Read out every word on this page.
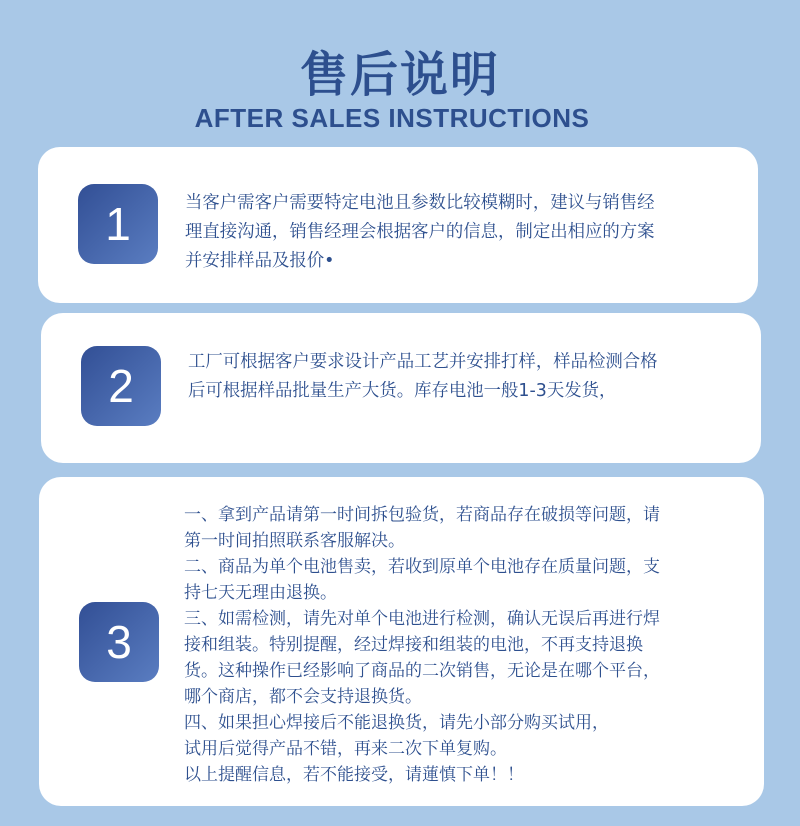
售后说明
AFTER SALES INSTRUCTIONS
1	当客户需客户需要特定电池且参数比较模糊时，建议与销售经
理直接沟通，销售经理会根据客户的信息，制定出相应的方案
并安排样品及报价•
2	工厂可根据客户要求设计产品工艺并安排打样，样品检测合格
后可根据样品批量生产大货。库存电池一般1-3天发货，
3
一、拿到产品请第一时间拆包验货，若商品存在破损等问题，请
第一时间拍照联系客服解决。
二、商品为单个电池售卖，若收到原单个电池存在质量问题，支
持七天无理由退换。
三、如需检测，请先对单个电池进行检测，确认无误后再进行焊
接和组装。特别提醒，经过焊接和组装的电池，不再支持退换
货。这种操作已经影响了商品的二次销售，无论是在哪个平台，
哪个商店，都不会支持退换货。
四、如果担心焊接后不能退换货，请先小部分购买试用，
试用后觉得产品不错，再来二次下单复购。
以上提醒信息，若不能接受，请蓮慎下单！！
